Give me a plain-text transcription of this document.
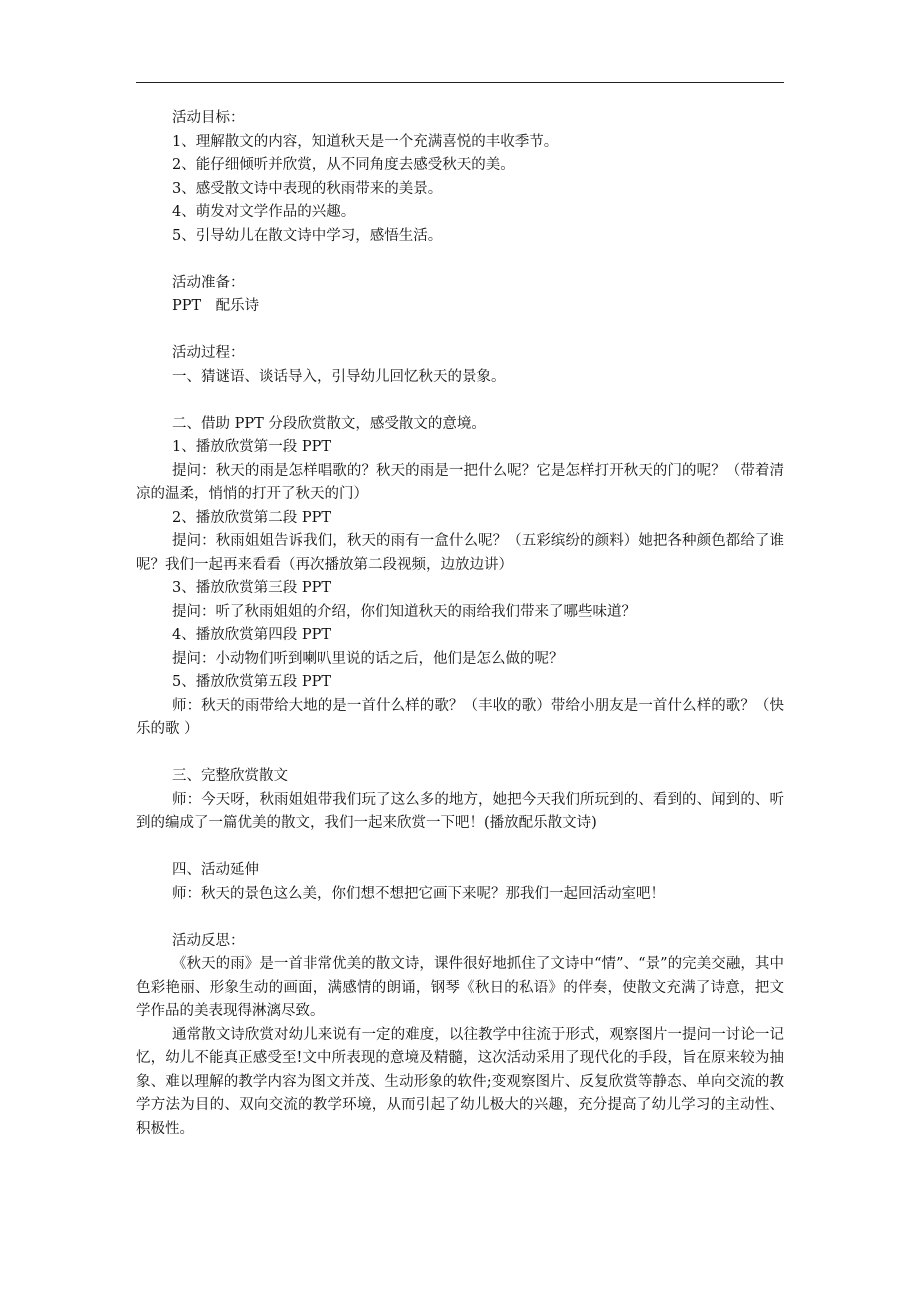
活动目标：
1、理解散文的内容，知道秋天是一个充满喜悦的丰收季节。
2、能仔细倾听并欣赏，从不同角度去感受秋天的美。
3、感受散文诗中表现的秋雨带来的美景。
4、萌发对文学作品的兴趣。
5、引导幼儿在散文诗中学习，感悟生活。
活动准备：
PPT　配乐诗
活动过程：
一、猜谜语、谈话导入，引导幼儿回忆秋天的景象。
二、借助 PPT 分段欣赏散文，感受散文的意境。
1、播放欣赏第一段 PPT

提问：秋天的雨是怎样唱歌的？秋天的雨是一把什么呢？它是怎样打开秋天的门的呢？（带着清凉的温柔，悄悄的打开了秋天的门）

2、播放欣赏第二段 PPT

提问：秋雨姐姐告诉我们，秋天的雨有一盒什么呢？（五彩缤纷的颜料）她把各种颜色都给了谁呢？我们一起再来看看（再次播放第二段视频，边放边讲）

3、播放欣赏第三段 PPT

提问：听了秋雨姐姐的介绍，你们知道秋天的雨给我们带来了哪些味道？

4、播放欣赏第四段 PPT

提问：小动物们听到喇叭里说的话之后，他们是怎么做的呢？

5、播放欣赏第五段 PPT

师：秋天的雨带给大地的是一首什么样的歌？（丰收的歌）带给小朋友是一首什么样的歌？（快乐的歌 ）

三、完整欣赏散文

师：今天呀，秋雨姐姐带我们玩了这么多的地方，她把今天我们所玩到的、看到的、闻到的、听到的编成了一篇优美的散文，我们一起来欣赏一下吧！(播放配乐散文诗)

四、活动延伸

师：秋天的景色这么美，你们想不想把它画下来呢？那我们一起回活动室吧！

活动反思：

《秋天的雨》是一首非常优美的散文诗，课件很好地抓住了文诗中“情”、“景”的完美交融，其中色彩艳丽、形象生动的画面，满感情的朗诵，钢琴《秋日的私语》的伴奏，使散文充满了诗意，把文学作品的美表现得淋漓尽致。

通常散文诗欣赏对幼儿来说有一定的难度，以往教学中往流于形式，观察图片一提问一讨论一记忆，幼儿不能真正感受至!文中所表现的意境及精髓，这次活动采用了现代化的手段，旨在原来较为抽象、难以理解的教学内容为图文并茂、生动形象的软件;变观察图片、反复欣赏等静态、单向交流的教学方法为目的、双向交流的教学环境，从而引起了幼儿极大的兴趣，充分提高了幼儿学习的主动性、积极性。
